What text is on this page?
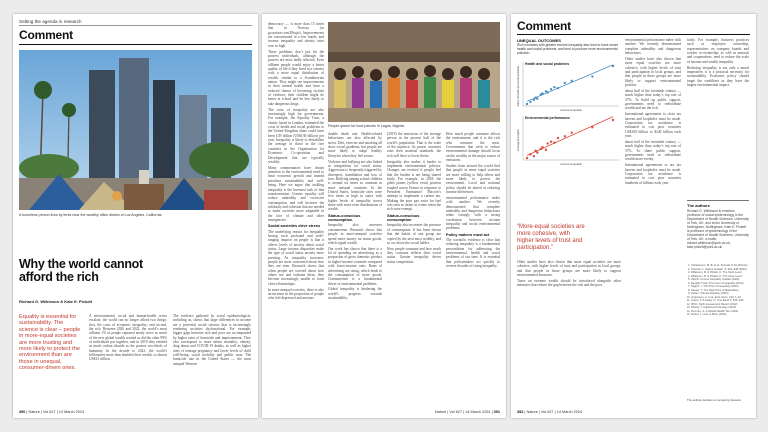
Setting the agenda in research
Comment
A homeless person lives by tents near the wealthy office district of Los Angeles, California.
Why the world cannot afford the rich
Richard G. Wilkinson & Kate E. Pickett
Equality is essential for sustainability. The science is clear – people in more-equal societies are more trusting and more likely to protect the environment than are those in unequal, consumer-driven ones.

A environmental, social and human-health crises escalate, the world can no longer afford two things: first, the costs of economic inequality; and second, the rich. Between 2020 and 2022, the world’s most affluent 1% of people captured nearly twice as much of the new global wealth created as did the other 99% of individuals put together, and in 2019 they emitted as much carbon dioxide as the poorest two-thirds of humanity. In the decade to 2022, the world’s billionaires more than doubled their wealth, to almost US$12 trillion.

The evidence gathered by social epidemiologists, including us, shows that large differences in income are a powerful social stressor that is increasingly rendering societies dysfunctional. For example, bigger gaps between rich and poor are accompanied by higher rates of homicide and imprisonment. They also correspond to more infant mortality, obesity, drug abuse and COVID-19 deaths, as well as higher rates of teenage pregnancy and lower levels of child well-being, social mobility and public trust. The homicide rate in the United States — the most unequal Western

390 | Nature | Vol 627 | 14 March 2024

democracy — is more than 15 times that in Norway (as go.nature.com/49iujzi). Improvements are concentrated in a few hands, and income inequality and obesity rates rose as high.

These problems don’t just hit the poorest individuals, although the poorest are most badly affected. Even affluent people would enjoy a better quality of life if they lived in a country with a more equal distribution of wealth, similar to a Scandinavian nation. They might see improvements in their mental health and have a reduced chance of becoming victims of violence; their children might do better at school and be less likely to take dangerous drugs.

The costs of inequality are also increasingly high for governments. For example, the Equality Trust, a charity based in London, estimated the costs of health and social problems to the United Kingdom alone could have been £39 billion (US$136 billion) per year. Inequality is likely to destabilize the average of those in the five countries in the Organisation for Economic Co-operation and Development that are typically wealthy.

Many commentators have drawn attention to the environmental need to limit economic growth and instead prioritize sustainability and well-being. Here we argue that tackling inequality is the foremost task of that transformation. Greater equality will reduce unhealthy and excessive consumption, and will increase the solidarity and cohesion that are needed to make societies more adaptable in the face of climate and other emergencies.

Social anxieties drive stress

The underlying reason for inequality having such profound and wide-ranging impacts on people is that it affects levels of anxiety about social status. Large income disparities make the type of social status anxiety more pressing. As inequality increases, people are more concerned about how they are seen. Research shows that when people are worried about how others see and evaluate them, they become increasingly unable to form close relationships.

In more unequal societies, there is also an increase in the proportion of people who feel depressed and anxious.

People queue for food parcels in Lagos, Nigeria.

double death rate. Health-related behaviours are also affected by stress. Diet, exercise and smoking all show social gradients, but people are more likely to adopt healthy lifestyles when they feel secure.

Violence and bullying are also linked to competition for social status. Aggression is frequently triggered by disrespect, humiliation and loss of face. Bullying among school children is around six times as common in more unequal countries. In the United States, homicide rates were five times as high in states with higher levels of inequality across those with more even distributions of wealth.

Status-conscious consumption

Inequality also increases consumerism. Research shows that people in more-unequal societies spend more money on status goods, which signal wealth.

Our work has shown that there is a lot of spending on advertising as a proportion of gross domestic product in higher-income countries compared with lower-income ones. Rates of advertising are rising, which leads to the consumption of more goods. Consumerism is a fundamental driver of environmental problems.

Global inequality is hindering the world’s progress towards sustainability.

(2019) the emissions of the average person in the poorest half of the world’s population. That is the scale of the injustice. As poorer countries raise their material standards, the rich will have to lower theirs.

Inequality also makes it harder to implement environmental policies. Changes are resisted if people feel that the burden is not being shared fairly. For example, in 2018, the gilets jaunes (yellow vests) protests erupted across France in response to President Emmanuel Macron’s attempt to implement a carbon tax. Making the poor pay extra for fuel was seen as unfair at a time when the rich were exempt.

Status-conscious consumption

Inequality also increases the pressure of consumption. It has been shown that the habits of one group are copied by the next most wealthy, and so on, down the social ladder.

How people consume and how much they consume reflects their social status. Greater inequality drives status competition.

How much people consume affects the environment, and it is the rich who consume the most. Governments that wish to reduce environmental damage should focus on the wealthy as the major source of emissions.

Studies from around the world find that people in more equal societies are more willing to help others and more likely to protect the environment. Local and national policy should be aimed at reducing income differences.

environmental performance index with another. We recently demonstrated that complete unhealthy and dangerous behaviours relate strongly with a strong correlation between income inequality and social environmental problems.

Policy makers must act

The scientific evidence is clear that reducing inequality is a fundamental precondition for addressing the environmental, health and social problems of our time. It is essential that policymakers act quickly to reverse decades of rising inequality.

Nature | Vol 627 | 14 March 2024 | 391
Comment
UNEQUAL OUTCOMES
Rich countries with greater income inequality also tend to have worse health and social problems, and tend to produce more environmental pollution.
Health and social problems
Income inequality
Index of health and social problems
Environmental performance
Income inequality
Ecological footprint

environmental performance index with another. We recently demonstrated complete unhealthy and dangerous behaviours.

Other studies have also shown that more equal societies are more cohesive, with higher levels of trust and participation in local groups, and that people in these groups are more likely to support environmental policies.

about half of the twentieth century — much higher than today’s top rate of 37%. To build up public support, governments need to redistribute wealth and tax the rich.

International agreements to close tax havens and loopholes must be made. Corporation tax avoidance is estimated to cost poor countries US$100 billion to $240 billion each year.

about half of the twentieth century — much higher than today’s top rate of 37%. To share public support, governments need to redistribute wealth more evenly.

International agreements to tax tax havens and loopholes must be made. Corporation tax avoidance is estimated to cost poor countries hundreds of billions each year.

fairly. For example, business practices such as employee ownership, representatives on company boards and worker co-ownership, as well as mutuals and cooperatives, tend to reduce the scale of income and wealth inequality.

Reducing inequality is not only a moral imperative; it is a practical necessity for sustainability. Economic policy should target the wealthiest as they have the largest environmental impact.

“More-equal societies are more cohesive, with higher levels of trust and participation.”

Other studies have also shown that more equal societies are more cohesive, with higher levels of trust and participation in local groups, and that people in those groups are more likely to support environmental measures.

Taxes on extreme wealth should be introduced alongside other measures that reduce the gap between the rich and the poor.

The authors
Richard G. Wilkinson is emeritus professor of social epidemiology in the Department of Health Sciences, University of York, UK, and at the University of Nottingham, Nottingham. Kate E. Pickett is professor of epidemiology in the Department of Health Sciences, University of York, UK. e-mails: richard.wilkinson@york.ac.uk; kate.pickett@york.ac.uk
1. Christensen, M.-B. et al. Survival of the Richest.
2. Chancel, L. Nature Sustain. 5, 931–938 (2022).
3. Wilkinson, R. & Pickett, K. The Spirit Level.
4. Wilkinson, R. & Pickett, K. The Inner Level.
5. OECD. Income Inequality Update (2023).
6. Equality Trust. The Cost of Inequality (2014).
7. Stiglitz, J. The Price of Inequality (2012).
8. Kasser, T. The High Price of Materialism.
9. Oxfam. Climate Equality (2023).
10. Jorgenson, A. et al. Ecol. Econ. 130, 1–10.
11. Green, F. & Healy, N. One Earth 5, 635–649.
12. IPCC. Sixth Assessment Report (2022).
13. Piketty, T. Capital and Ideology (2020).
14. Zucman, G. A Global Wealth Tax (2024).
15. Hickel, J. Less Is More (2020).
The authors declare no competing interests.
392 | Nature | Vol 627 | 14 March 2024
